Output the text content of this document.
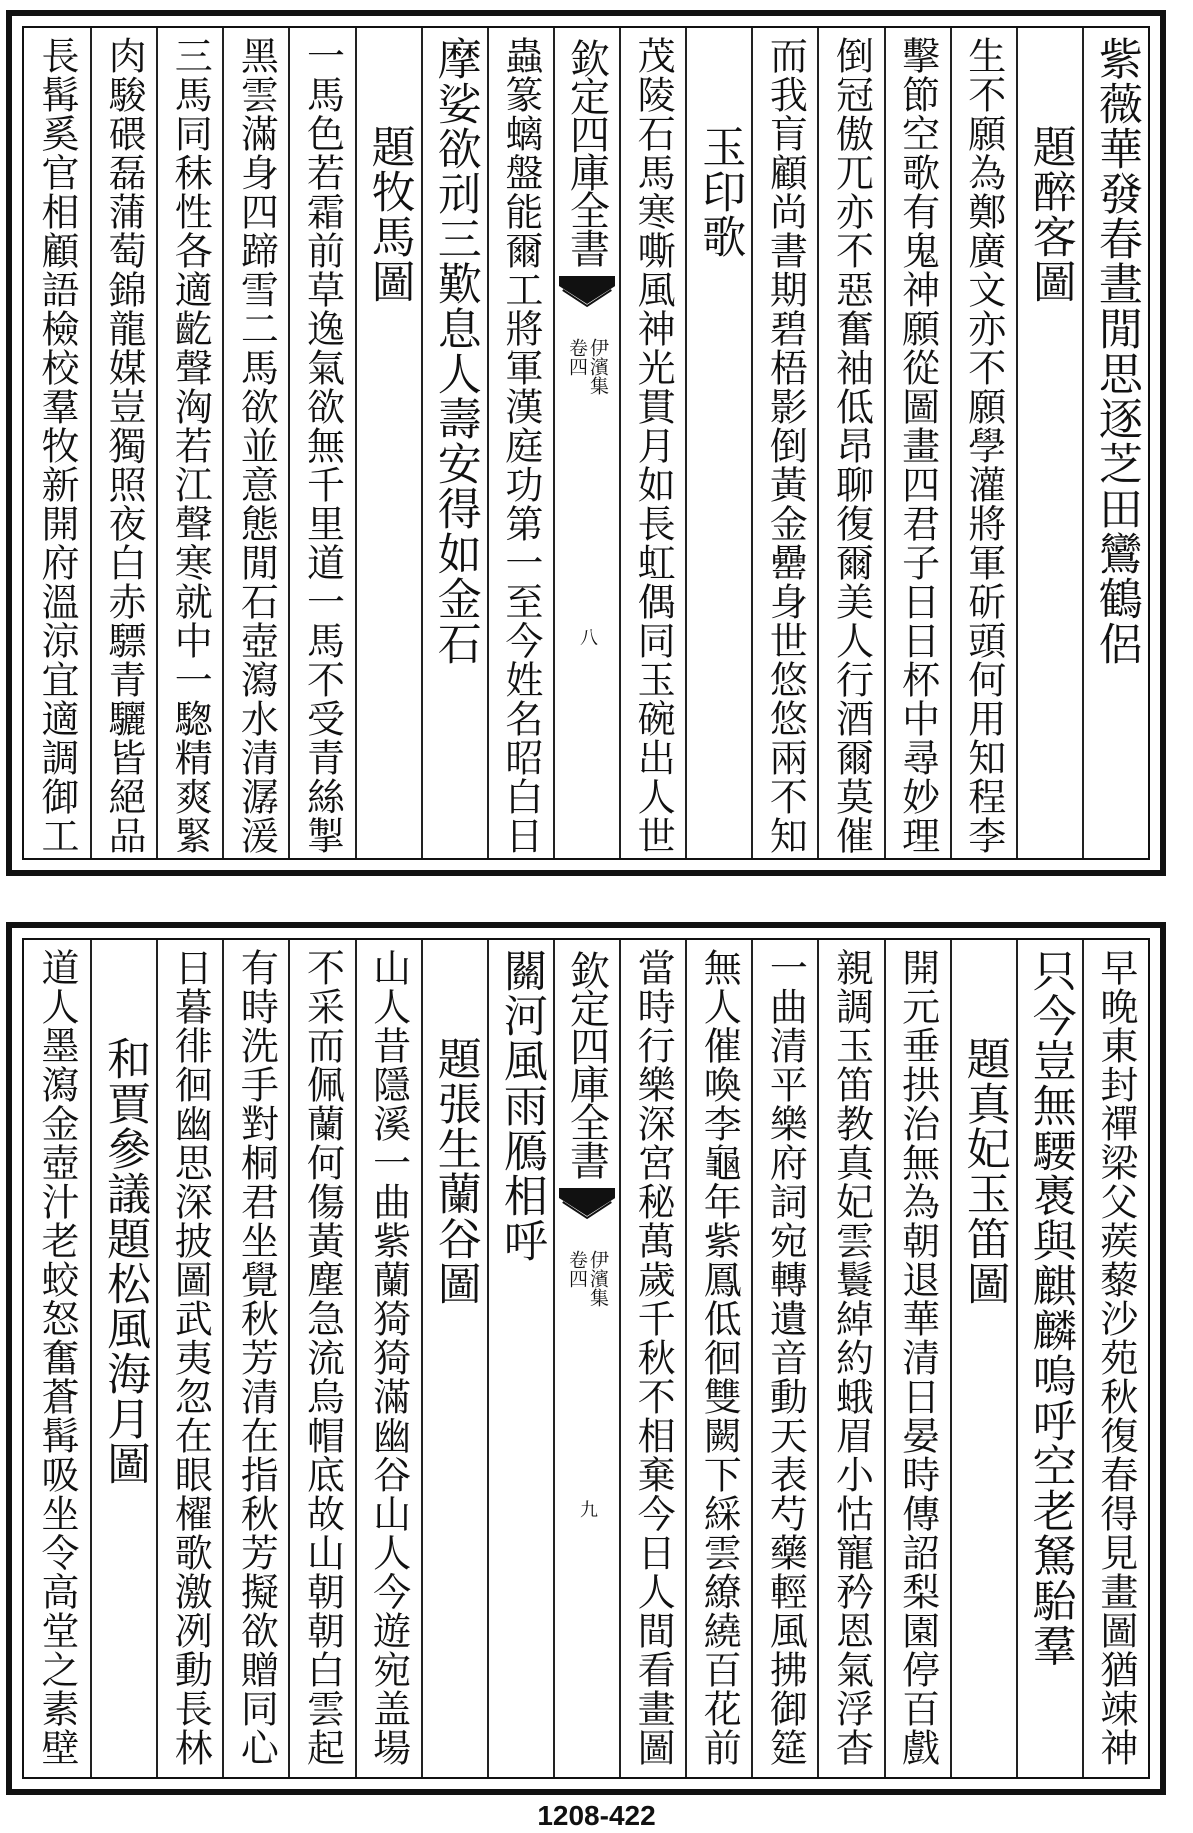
紫薇華發春晝閒思逐芝田鸞鶴侶
題醉客圖
生不願為鄭廣文亦不願學灌將軍斫頭何用知程李
擊節空歌有鬼神願從圖畫四君子日日杯中尋妙理
倒冠傲兀亦不惡奮袖低昂聊復爾美人行酒爾莫催
而我肓顧尚書期碧梧影倒黃金罍身世悠悠兩不知
玉印歌
茂陵石馬寒嘶風神光貫月如長虹偶同玉碗出人世
欽定四庫全書
伊濱集
卷四
八
蟲篆螭盤能爾工將軍漢庭功第一至今姓名昭白日
摩娑欲刓三歎息人壽安得如金石
題牧馬圖
一馬色若霜前草逸氣欲無千里道一馬不受青絲掣
黑雲滿身四蹄雪二馬欲並意態閒石壺瀉水清潺湲
三馬同秣性各適齕聲洶若江聲寒就中一騘精爽緊
肉駿碨磊蒲萄錦龍媒豈獨照夜白赤驃青驪皆絕品
長髯奚官相顧語檢校羣牧新開府溫涼宜適調御工
早晚東封禪梁父蒺藜沙苑秋復春得見畫圖猶竦神
只今豈無騕褭與麒麟嗚呼空老駑駘羣
題真妃玉笛圖
開元垂拱治無為朝退華清日晏時傳詔梨園停百戲
親調玉笛教真妃雲鬟綽約蛾眉小怙寵矜恩氣浮杳
一曲清平樂府詞宛轉遺音動天表芍藥輕風拂御筵
無人催喚李龜年紫鳳低徊雙闕下綵雲繚繞百花前
當時行樂深宮秘萬歲千秋不相棄今日人間看畫圖
欽定四庫全書
伊濱集
卷四
九
關河風雨鴈相呼
題張生蘭谷圖
山人昔隱溪一曲紫蘭猗猗滿幽谷山人今遊宛盖場
不采而佩蘭何傷黃塵急流烏帽底故山朝朝白雲起
有時洗手對桐君坐覺秋芳清在指秋芳擬欲贈同心
日暮徘徊幽思深披圖武夷忽在眼櫂歌激冽動長林
和賈參議題松風海月圖
道人墨瀉金壺汁老蛟怒奮蒼髯吸坐令高堂之素壁
1208-422
